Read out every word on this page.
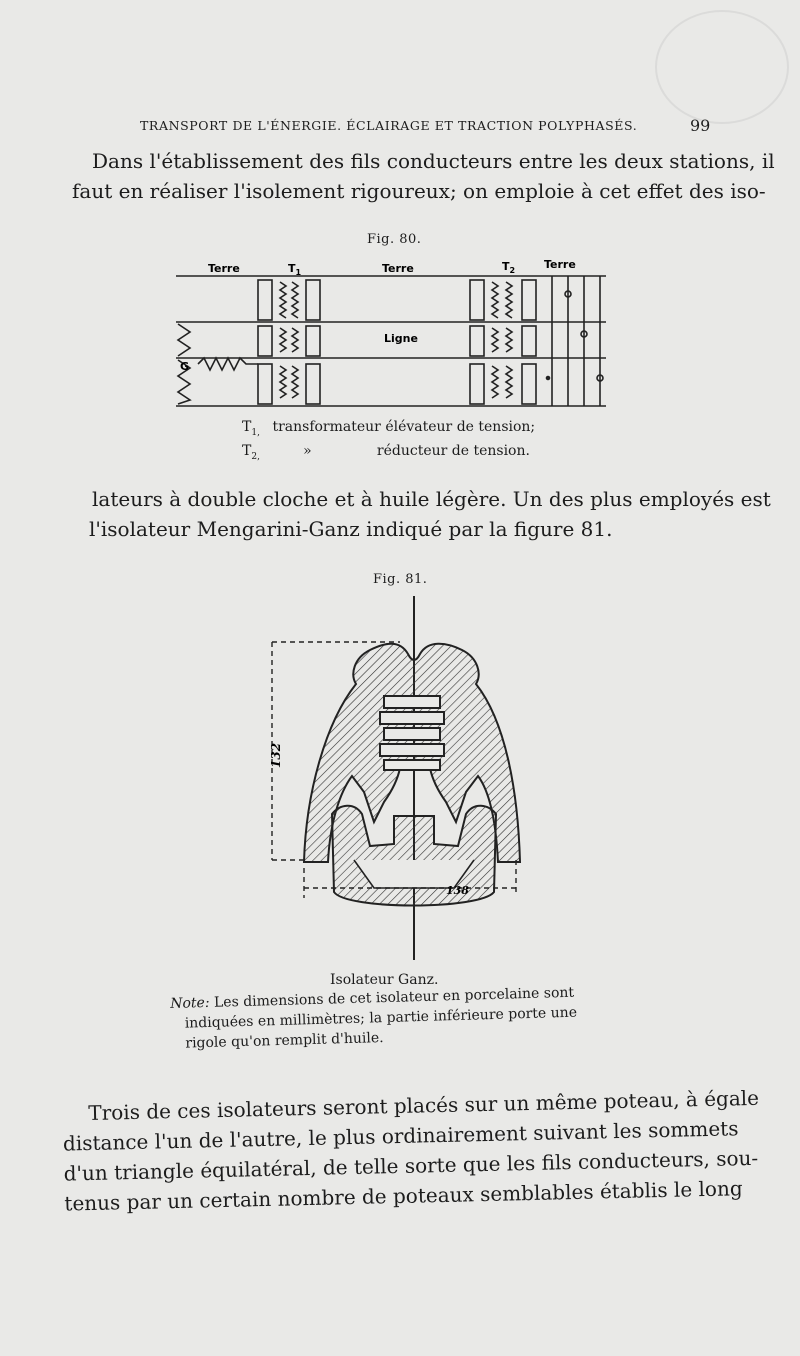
TRANSPORT DE L'ÉNERGIE. ÉCLAIRAGE ET TRACTION POLYPHASÉS.	99
Dans l'établissement des fils conducteurs entre les deux stations, il
faut en réaliser l'isolement rigoureux; on emploie à cet effet des iso-
Fig. 80.
Terre	$T_1$	Terre	$T_2$	Terre
Ligne
G
$T_{1,}$ transformateur élévateur de tension;
$T_{2,}$	»	réducteur de tension.
lateurs à double cloche et à huile légère. Un des plus employés est
l'isolateur Mengarini-Ganz indiqué par la figure 81.
Fig. 81.
132
138
Isolateur Ganz.
Note: Les dimensions de cet isolateur en porcelaine sont
indiquées en millimètres; la partie inférieure porte une
rigole qu'on remplit d'huile.
Trois de ces isolateurs seront placés sur un même poteau, à égale
distance l'un de l'autre, le plus ordinairement suivant les sommets
d'un triangle équilatéral, de telle sorte que les fils conducteurs, sou-
tenus par un certain nombre de poteaux semblables établis le long
